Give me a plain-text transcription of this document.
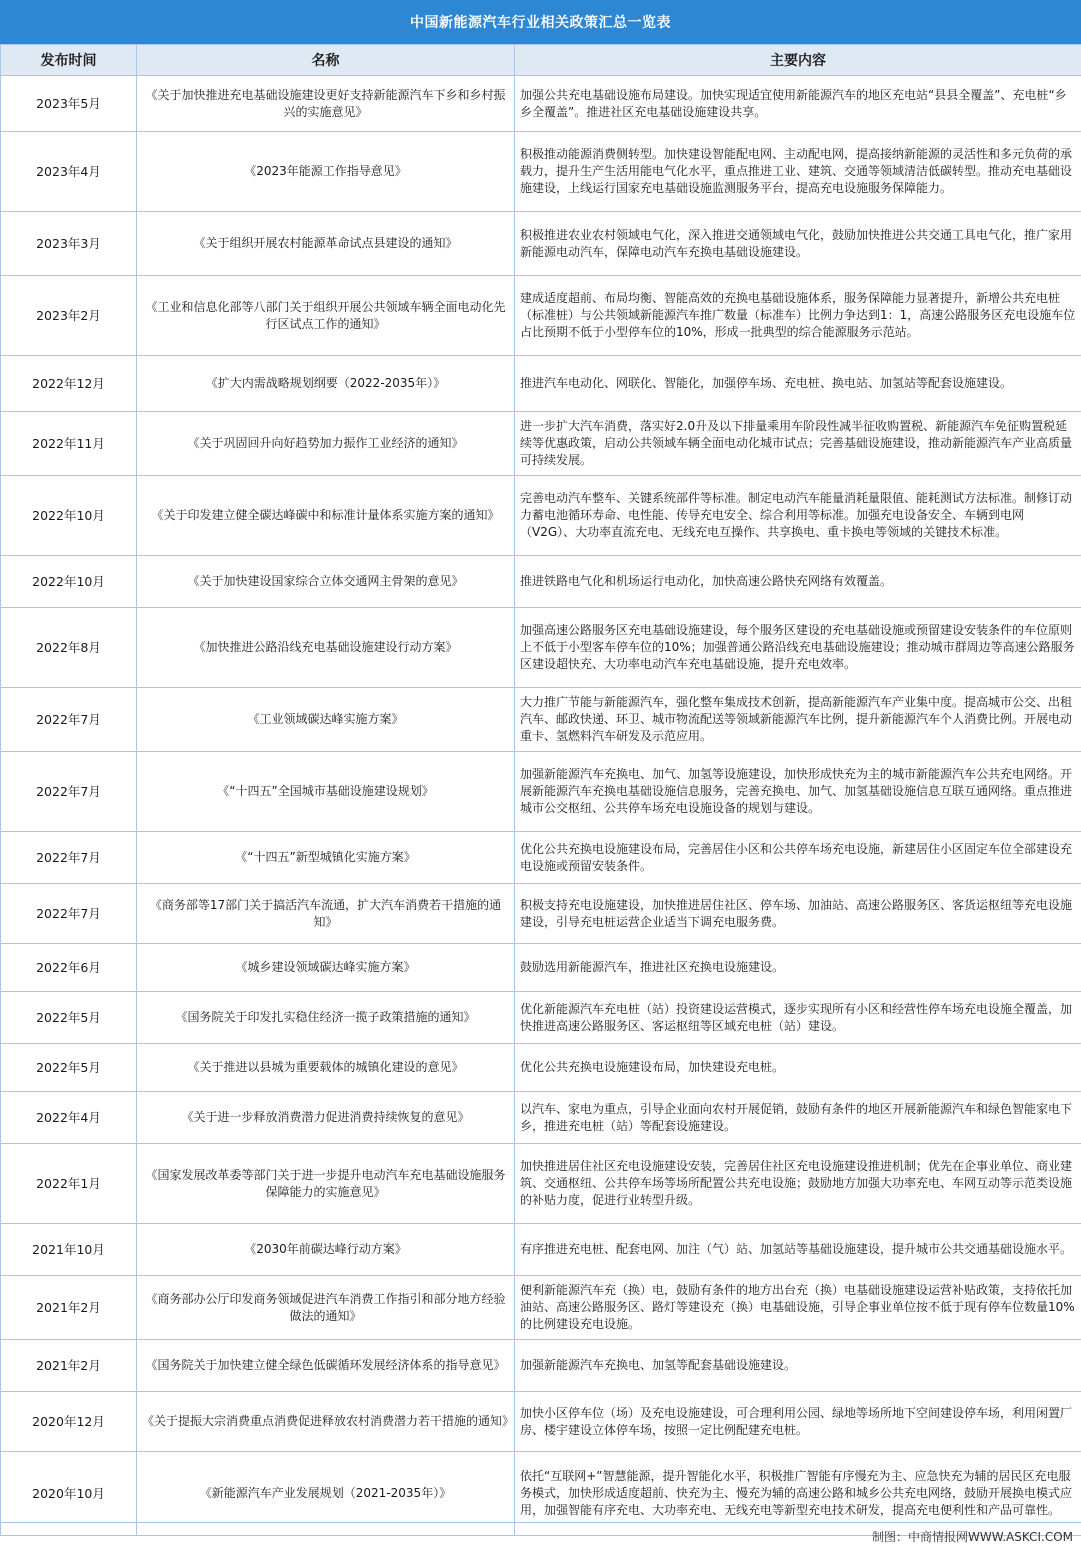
中国新能源汽车行业相关政策汇总一览表
发布时间	名称	主要内容
2023年5月	《关于加快推进充电基础设施建设更好支持新能源汽车下乡和乡村振兴的实施意见》	加强公共充电基础设施布局建设。加快实现适宜使用新能源汽车的地区充电站“县县全覆盖”、充电桩“乡乡全覆盖”。推进社区充电基础设施建设共享。
2023年4月	《2023年能源工作指导意见》	积极推动能源消费侧转型。加快建设智能配电网、主动配电网，提高接纳新能源的灵活性和多元负荷的承载力，提升生产生活用能电气化水平，重点推进工业、建筑、交通等领域清洁低碳转型。推动充电基础设施建设，上线运行国家充电基础设施监测服务平台，提高充电设施服务保障能力。
2023年3月	《关于组织开展农村能源革命试点县建设的通知》	积极推进农业农村领域电气化，深入推进交通领域电气化，鼓励加快推进公共交通工具电气化，推广家用新能源电动汽车，保障电动汽车充换电基础设施建设。
2023年2月	《工业和信息化部等八部门关于组织开展公共领域车辆全面电动化先行区试点工作的通知》	建成适度超前、布局均衡、智能高效的充换电基础设施体系，服务保障能力显著提升，新增公共充电桩（标准桩）与公共领域新能源汽车推广数量（标准车）比例力争达到1：1，高速公路服务区充电设施车位占比预期不低于小型停车位的10%，形成一批典型的综合能源服务示范站。
2022年12月	《扩大内需战略规划纲要（2022-2035年）》	推进汽车电动化、网联化、智能化，加强停车场、充电桩、换电站、加氢站等配套设施建设。
2022年11月	《关于巩固回升向好趋势加力振作工业经济的通知》	进一步扩大汽车消费，落实好2.0升及以下排量乘用车阶段性减半征收购置税、新能源汽车免征购置税延续等优惠政策，启动公共领域车辆全面电动化城市试点；完善基础设施建设，推动新能源汽车产业高质量可持续发展。
2022年10月	《关于印发建立健全碳达峰碳中和标准计量体系实施方案的通知》	完善电动汽车整车、关键系统部件等标准。制定电动汽车能量消耗量限值、能耗测试方法标准。制修订动力蓄电池循环寿命、电性能、传导充电安全、综合利用等标准。加强充电设备安全、车辆到电网（V2G）、大功率直流充电、无线充电互操作、共享换电、重卡换电等领域的关键技术标准。
2022年10月	《关于加快建设国家综合立体交通网主骨架的意见》	推进铁路电气化和机场运行电动化，加快高速公路快充网络有效覆盖。
2022年8月	《加快推进公路沿线充电基础设施建设行动方案》	加强高速公路服务区充电基础设施建设，每个服务区建设的充电基础设施或预留建设安装条件的车位原则上不低于小型客车停车位的10%；加强普通公路沿线充电基础设施建设；推动城市群周边等高速公路服务区建设超快充、大功率电动汽车充电基础设施，提升充电效率。
2022年7月	《工业领域碳达峰实施方案》	大力推广节能与新能源汽车，强化整车集成技术创新，提高新能源汽车产业集中度。提高城市公交、出租汽车、邮政快递、环卫、城市物流配送等领域新能源汽车比例，提升新能源汽车个人消费比例。开展电动重卡、氢燃料汽车研发及示范应用。
2022年7月	《“十四五”全国城市基础设施建设规划》	加强新能源汽车充换电、加气、加氢等设施建设，加快形成快充为主的城市新能源汽车公共充电网络。开展新能源汽车充换电基础设施信息服务，完善充换电、加气、加氢基础设施信息互联互通网络。重点推进城市公交枢纽、公共停车场充电设施设备的规划与建设。
2022年7月	《“十四五”新型城镇化实施方案》	优化公共充换电设施建设布局，完善居住小区和公共停车场充电设施，新建居住小区固定车位全部建设充电设施或预留安装条件。
2022年7月	《商务部等17部门关于搞活汽车流通，扩大汽车消费若干措施的通知》	积极支持充电设施建设，加快推进居住社区、停车场、加油站、高速公路服务区、客货运枢纽等充电设施建设，引导充电桩运营企业适当下调充电服务费。
2022年6月	《城乡建设领域碳达峰实施方案》	鼓励选用新能源汽车，推进社区充换电设施建设。
2022年5月	《国务院关于印发扎实稳住经济一揽子政策措施的通知》	优化新能源汽车充电桩（站）投资建设运营模式，逐步实现所有小区和经营性停车场充电设施全覆盖，加快推进高速公路服务区、客运枢纽等区域充电桩（站）建设。
2022年5月	《关于推进以县城为重要载体的城镇化建设的意见》	优化公共充换电设施建设布局，加快建设充电桩。
2022年4月	《关于进一步释放消费潜力促进消费持续恢复的意见》	以汽车、家电为重点，引导企业面向农村开展促销，鼓励有条件的地区开展新能源汽车和绿色智能家电下乡，推进充电桩（站）等配套设施建设。
2022年1月	《国家发展改革委等部门关于进一步提升电动汽车充电基础设施服务保障能力的实施意见》	加快推进居住社区充电设施建设安装，完善居住社区充电设施建设推进机制；优先在企事业单位、商业建筑、交通枢纽、公共停车场等场所配置公共充电设施；鼓励地方加强大功率充电、车网互动等示范类设施的补贴力度，促进行业转型升级。
2021年10月	《2030年前碳达峰行动方案》	有序推进充电桩、配套电网、加注（气）站、加氢站等基础设施建设，提升城市公共交通基础设施水平。
2021年2月	《商务部办公厅印发商务领域促进汽车消费工作指引和部分地方经验做法的通知》	便利新能源汽车充（换）电，鼓励有条件的地方出台充（换）电基础设施建设运营补贴政策，支持依托加油站、高速公路服务区、路灯等建设充（换）电基础设施，引导企事业单位按不低于现有停车位数量10%的比例建设充电设施。
2021年2月	《国务院关于加快建立健全绿色低碳循环发展经济体系的指导意见》	加强新能源汽车充换电、加氢等配套基础设施建设。
2020年12月	《关于提振大宗消费重点消费促进释放农村消费潜力若干措施的通知》	加快小区停车位（场）及充电设施建设，可合理利用公园、绿地等场所地下空间建设停车场，利用闲置厂房、楼宇建设立体停车场，按照一定比例配建充电桩。
2020年10月	《新能源汽车产业发展规划（2021-2035年）》	依托“互联网+”智慧能源，提升智能化水平，积极推广智能有序慢充为主、应急快充为辅的居民区充电服务模式，加快形成适度超前、快充为主、慢充为辅的高速公路和城乡公共充电网络，鼓励开展换电模式应用，加强智能有序充电、大功率充电、无线充电等新型充电技术研发，提高充电便利性和产品可靠性。
制图：中商情报网WWW.ASKCI.COM
